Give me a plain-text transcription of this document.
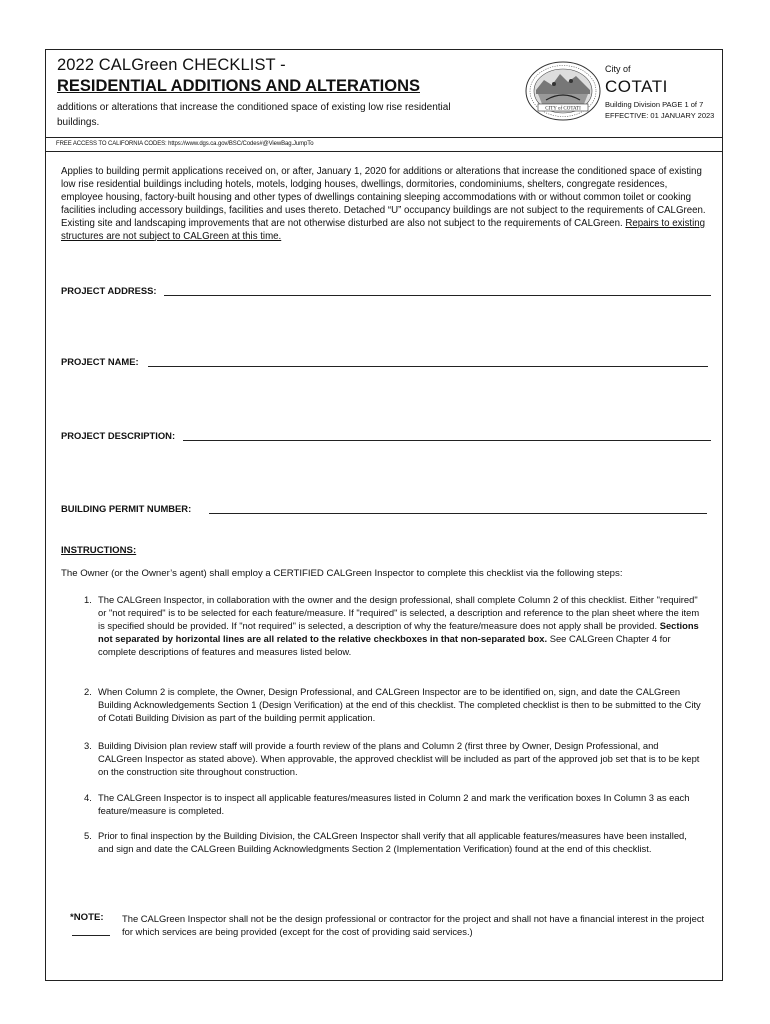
2022 CALGreen CHECKLIST -
RESIDENTIAL ADDITIONS AND ALTERATIONS
additions or alterations that increase the conditioned space of existing low rise residential buildings.
CITY of COTATI
City of
COTATI
Building Division PAGE 1 of 7
EFFECTIVE: 01 JANUARY 2023
FREE ACCESS TO CALIFORNIA CODES: https://www.dgs.ca.gov/BSC/Codes#@ViewBag.JumpTo
Applies to building permit applications received on, or after, January 1, 2020 for additions or alterations that increase the conditioned space of existing low rise residential buildings including hotels, motels, lodging houses, dwellings, dormitories, condominiums, shelters, congregate residences, employee housing, factory-built housing and other types of dwellings containing sleeping accommodations with or without common toilet or cooking facilities including accessory buildings, facilities and uses thereto. Detached “U” occupancy buildings are not subject to the requirements of CALGreen. Existing site and landscaping improvements that are not otherwise disturbed are also not subject to the requirements of CALGreen. Repairs to existing structures are not subject to CALGreen at this time.
PROJECT ADDRESS:
PROJECT NAME:
PROJECT DESCRIPTION:
BUILDING PERMIT NUMBER:
INSTRUCTIONS:
The Owner (or the Owner’s agent) shall employ a CERTIFIED CALGreen Inspector to complete this checklist via the following steps:
1. The CALGreen Inspector, in collaboration with the owner and the design professional, shall complete Column 2 of this checklist. Either "required" or "not required" is to be selected for each feature/measure. If "required" is selected, a description and reference to the plan sheet where the item is specified should be provided. If "not required" is selected, a description of why the feature/measure does not apply shall be provided. Sections not separated by horizontal lines are all related to the relative checkboxes in that non-separated box. See CALGreen Chapter 4 for complete descriptions of features and measures listed below.
2. When Column 2 is complete, the Owner, Design Professional, and CALGreen Inspector are to be identified on, sign, and date the CALGreen Building Acknowledgements Section 1 (Design Verification) at the end of this checklist. The completed checklist is then to be submitted to the City of Cotati Building Division as part of the building permit application.
3. Building Division plan review staff will provide a fourth review of the plans and Column 2 (first three by Owner, Design Professional, and CALGreen Inspector as stated above). When approvable, the approved checklist will be included as part of the approved job set that is to be kept on the construction site throughout construction.
4. The CALGreen Inspector is to inspect all applicable features/measures listed in Column 2 and mark the verification boxes In Column 3 as each feature/measure is completed.
5. Prior to final inspection by the Building Division, the CALGreen Inspector shall verify that all applicable features/measures have been installed, and sign and date the CALGreen Building Acknowledgments Section 2 (Implementation Verification) found at the end of this checklist.
*NOTE: The CALGreen Inspector shall not be the design professional or contractor for the project and shall not have a financial interest in the project for which services are being provided (except for the cost of providing said services.)
